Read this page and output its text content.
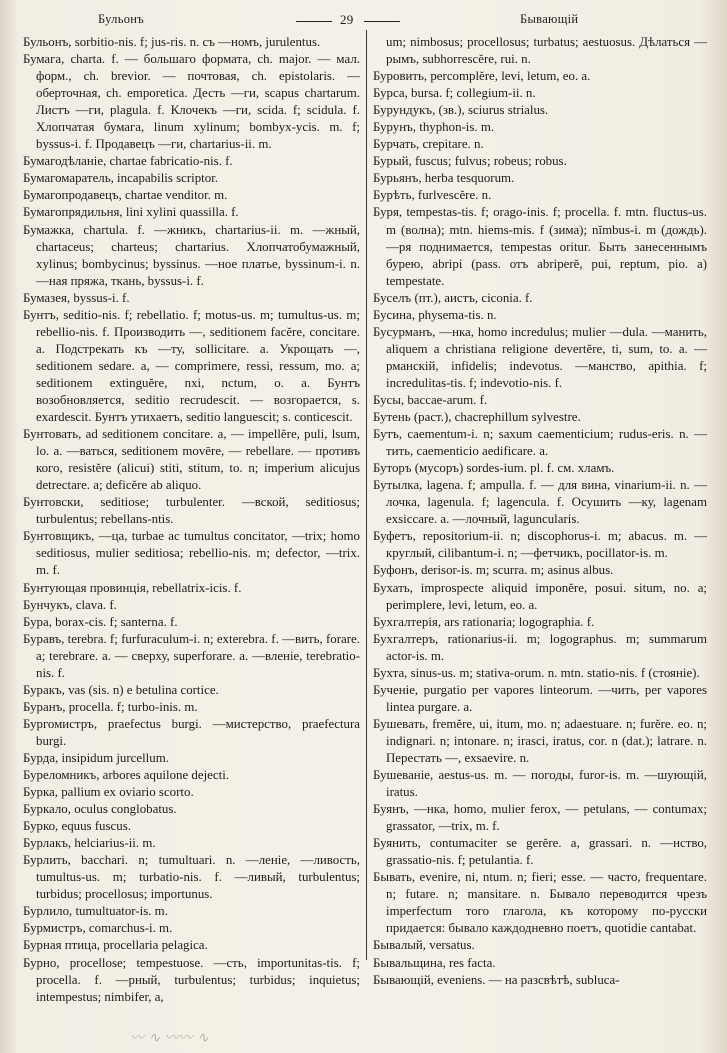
Бульонъ	29	Бывающій

Бульонъ, sorbitio-nis. f; jus-ris. n. съ —номъ, jurulentus.

Бумага, charta. f. — большаго формата, ch. major. — мал. форм., ch. brevior. — почтовая, ch. epistolaris. — оберточная, ch. emporetica. Десть —ги, scapus chartarum. Листъ —ги, plagula. f. Клочекъ —ги, scida. f; scidula. f. Хлопчатая бумага, linum xylinum; bombyx-ycis. m. f; byssus-i. f. Продавецъ —ги, chartarius-ii. m.

Бумагодѣланіе, chartae fabricatio-nis. f.

Бумагомаратель, incapabilis scriptor.

Бумагопродавецъ, chartae venditor. m.

Бумагопрядильня, lini xylini quassilla. f.

Бумажка, chartula. f. —жникъ, chartarius-ii. m. —жный, chartaceus; charteus; chartarius. Хлопчатобумажный, xylinus; bombycinus; byssinus. —ное платье, byssinum-i. n. —ная пряжа, ткань, byssus-i. f.

Бумазея, byssus-i. f.

Бунтъ, seditio-nis. f; rebellatio. f; motus-us. m; tumultus-us. m; rebellio-nis. f. Производить —, seditionem facĕre, concitare. a. Подстрекать къ —ту, sollicitare. a. Укрощать —, seditionem sedare. a, — comprimere, ressi, ressum, mo. a; seditionem extinguĕre, nxi, nctum, o. a. Бунтъ возобновляется, seditio recrudescit. — возгорается, s. exardescit. Бунтъ утихаетъ, seditio languescit; s. conticescit.

Бунтовать, ad seditionem concitare. a, — impellĕre, puli, lsum, lo. a. —ваться, seditionem movēre, — rebellare. — противъ кого, resistĕre (alicui) stiti, stitum, to. n; imperium alicujus detrectare. a; deficĕre ab aliquo.

Бунтовски, seditiose; turbulenter. —вской, seditiosus; turbulentus; rebellans-ntis.

Бунтовщикъ, —ца, turbae ac tumultus concitator, —trix; homo seditiosus, mulier seditiosa; rebellio-nis. m; defector, —trix. m. f.

Бунтующая провинція, rebellatrix-icis. f.

Бунчукъ, clava. f.

Бура, borax-cis. f; santerna. f.

Буравъ, terebra. f; furfuraculum-i. n; exterebra. f. —вить, forare. a; terebrare. a. — сверху, superforare. a. —вленіе, terebratio-nis. f.

Буракъ, vas (sis. n) e betulina cortice.

Буранъ, procella. f; turbo-inis. m.

Бургомистръ, praefectus burgi. —мистерство, praefectura burgi.

Бурда, insipidum jurcellum.

Буреломникъ, arbores aquilone dejecti.

Бурка, pallium ex oviario scorto.

Буркало, oculus conglobatus.

Бурко, equus fuscus.

Бурлакъ, helciarius-ii. m.

Бурлить, bacchari. n; tumultuari. n. —леніе, —ливость, tumultus-us. m; turbatio-nis. f. —ливый, turbulentus; turbidus; procellosus; importunus.

Бурлило, tumultuator-is. m.

Бурмистръ, comarchus-i. m.

Бурная птица, procellaria pelagica.

Бурно, procellose; tempestuose. —сть, importunitas-tis. f; procella. f. —рный, turbulentus; turbidus; inquietus; intempestus; nimbifer, a,

um; nimbosus; procellosus; turbatus; aestuosus. Дѣлаться —рымъ, subhorrescĕre, rui. n.

Буровить, percomplĕre, levi, letum, eo. a.

Бурса, bursa. f; collegium-ii. n.

Бурундукъ, (зв.), sciurus strialus.

Бурунъ, thyphon-is. m.

Бурчать, crepitare. n.

Бурый, fuscus; fulvus; robeus; robus.

Бурьянъ, herba tesquorum.

Бурѣть, furlvescĕre. n.

Буря, tempestas-tis. f; orago-inis. f; procella. f. mtn. fluctus-us. m (волна); mtn. hiems-mis. f (зима); nĭmbus-i. m (дождь). —ря поднимается, tempestas oritur. Быть занесеннымъ бурею, abripi (pass. отъ abriperĕ, pui, reptum, pio. a) tempestate.

Буселъ (пт.), аистъ, ciconia. f.

Бусина, physema-tis. n.

Бусурманъ, —нка, homo incredulus; mulier —dula. —манить, aliquem a christiana religione devertĕre, ti, sum, to. a. —рманскій, infidelis; indevotus. —манство, apithia. f; incredulitas-tis. f; indevotio-nis. f.

Бусы, baccae-arum. f.

Бутень (раст.), chacrephillum sylvestre.

Бутъ, caementum-i. n; saxum caementicium; rudus-eris. n. —тить, caementicio aedificare. a.

Буторъ (мусоръ) sordes-ium. pl. f. см. хламъ.

Бутылка, lagena. f; ampulla. f. — для вина, vinarium-ii. n. —лочка, lagenula. f; lagencula. f. Осушить —ку, lagenam exsiccare. a. —лочный, laguncularis.

Буфетъ, repositorium-ii. n; discophorus-i. m; abacus. m. — круглый, cilibantum-i. n; —фетчикъ, pocillator-is. m.

Буфонъ, derisor-is. m; scurra. m; asinus albus.

Бухать, improspecte aliquid imponĕre, posui. situm, no. a; perimplere, levi, letum, eo. a.

Бухгалтерія, ars rationaria; logographia. f.

Бухгалтеръ, rationarius-ii. m; logographus. m; summarum actor-is. m.

Бухта, sinus-us. m; stativa-orum. n. mtn. statio-nis. f (стоянie).

Бученіе, purgatio per vapores linteorum. —чить, per vapores lintea purgare. a.

Бушевать, fremĕre, ui, itum, mo. n; adaestuare. n; furĕre. eo. n; indignari. n; intonare. n; irasci, iratus, cor. n (dat.); latrare. n. Перестать —, exsaevire. n.

Бушеваніе, aestus-us. m. — погоды, furor-is. m. —шующій, iratus.

Буянъ, —нка, homo, mulier ferox, — petulans, — contumax; grassator, —trix, m. f.

Буянить, contumaciter se gerĕre. a, grassari. n. —нство, grassatio-nis. f; petulantia. f.

Бывать, evenire, ni, ntum. n; fieri; esse. — часто, frequentare. n; futare. n; mansitare. n. Бывало переводится чрезъ imperfectum того глагола, къ которому по-русски придается: бывало каждодневно поетъ, quotidie cantabat.

Бывалый, versatus.

Бывальщина, res facta.

Бывающій, eveniens. — на разсвѣтѣ, subluca-

〰 ∿ 〰〰 ∿
